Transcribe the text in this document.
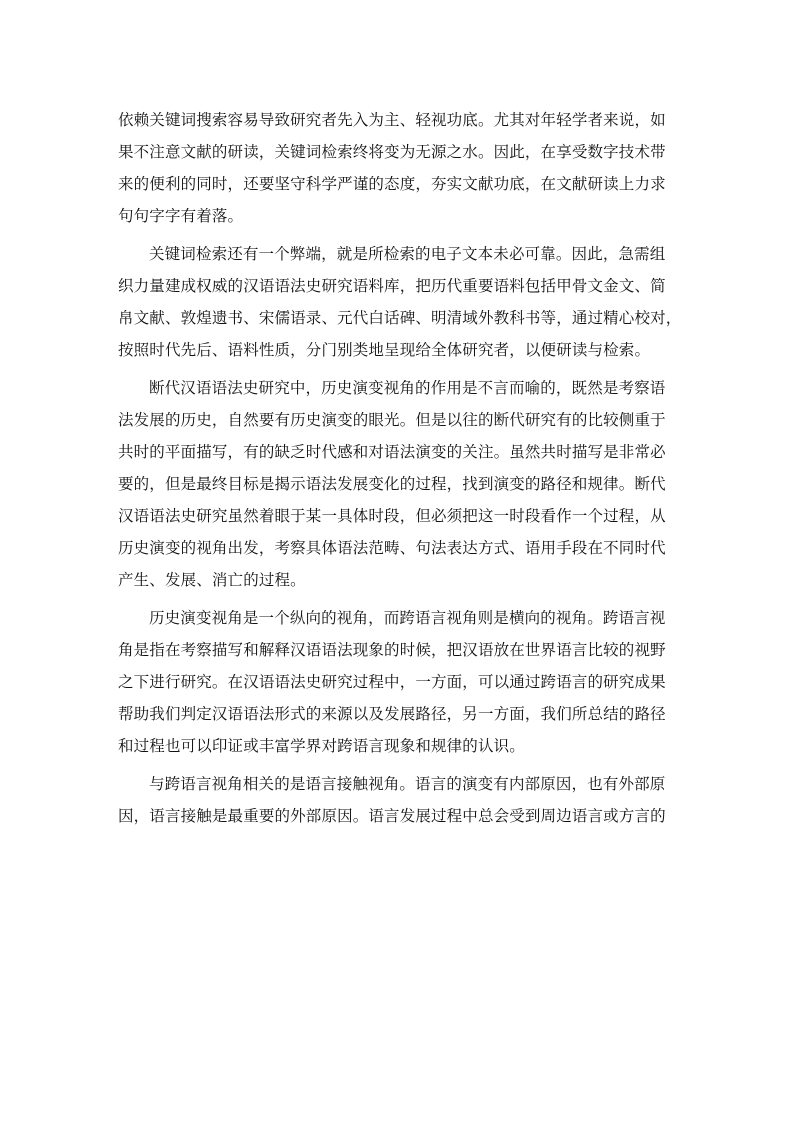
依赖关键词搜索容易导致研究者先入为主、轻视功底。尤其对年轻学者来说，如
果不注意文献的研读，关键词检索终将变为无源之水。因此，在享受数字技术带
来的便利的同时，还要坚守科学严谨的态度，夯实文献功底，在文献研读上力求
句句字字有着落。
关键词检索还有一个弊端，就是所检索的电子文本未必可靠。因此，急需组
织力量建成权威的汉语语法史研究语料库，把历代重要语料包括甲骨文金文、简
帛文献、敦煌遗书、宋儒语录、元代白话碑、明清域外教科书等，通过精心校对，
按照时代先后、语料性质，分门别类地呈现给全体研究者，以便研读与检索。
断代汉语语法史研究中，历史演变视角的作用是不言而喻的，既然是考察语
法发展的历史，自然要有历史演变的眼光。但是以往的断代研究有的比较侧重于
共时的平面描写，有的缺乏时代感和对语法演变的关注。虽然共时描写是非常必
要的，但是最终目标是揭示语法发展变化的过程，找到演变的路径和规律。断代
汉语语法史研究虽然着眼于某一具体时段，但必须把这一时段看作一个过程，从
历史演变的视角出发，考察具体语法范畴、句法表达方式、语用手段在不同时代
产生、发展、消亡的过程。
历史演变视角是一个纵向的视角，而跨语言视角则是横向的视角。跨语言视
角是指在考察描写和解释汉语语法现象的时候，把汉语放在世界语言比较的视野
之下进行研究。在汉语语法史研究过程中，一方面，可以通过跨语言的研究成果
帮助我们判定汉语语法形式的来源以及发展路径，另一方面，我们所总结的路径
和过程也可以印证或丰富学界对跨语言现象和规律的认识。
与跨语言视角相关的是语言接触视角。语言的演变有内部原因，也有外部原
因，语言接触是最重要的外部原因。语言发展过程中总会受到周边语言或方言的
